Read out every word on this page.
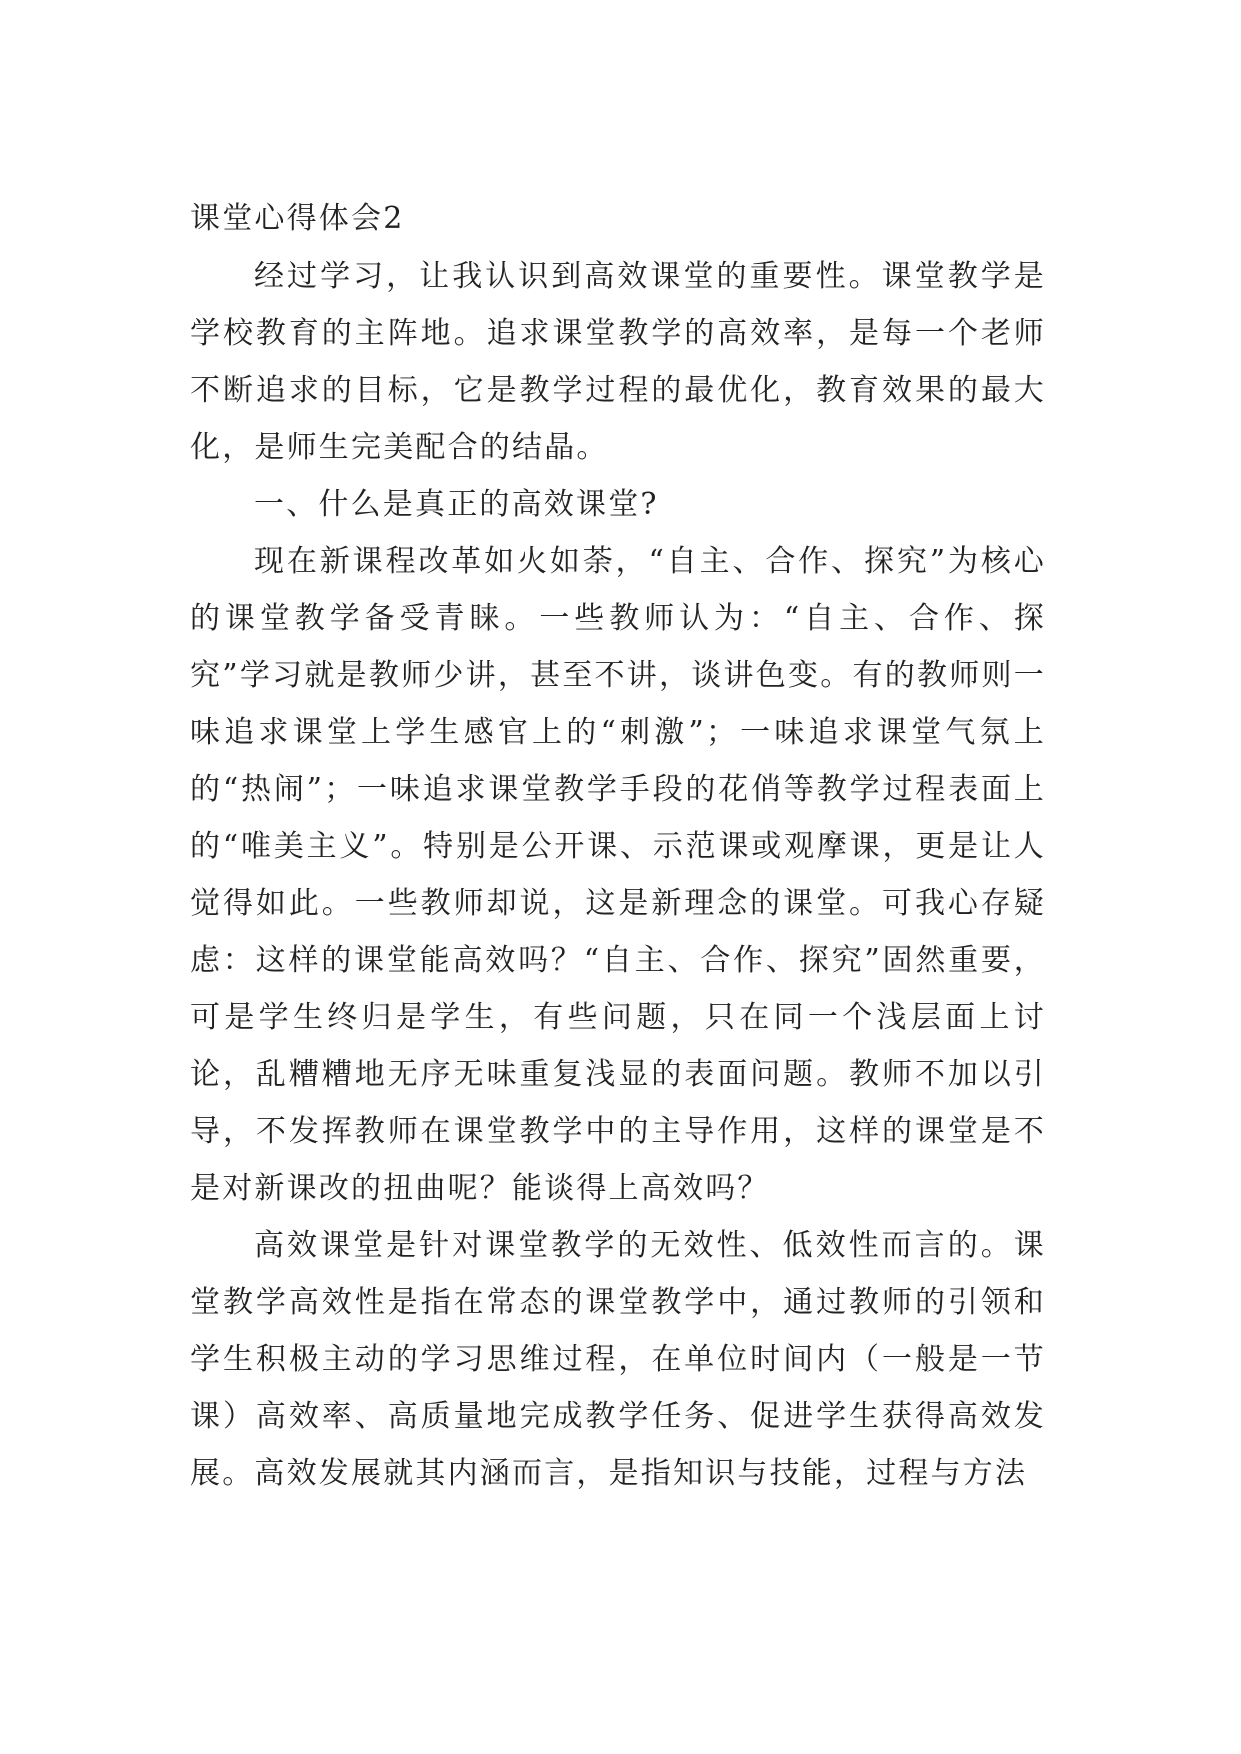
课堂心得体会2

经过学习，让我认识到高效课堂的重要性。课堂教学是学校教育的主阵地。追求课堂教学的高效率，是每一个老师不断追求的目标，它是教学过程的最优化，教育效果的最大化，是师生完美配合的结晶。

一、什么是真正的高效课堂?

现在新课程改革如火如荼，“自主、合作、探究”为核心的课堂教学备受青睐。一些教师认为：“自主、合作、探究”学习就是教师少讲，甚至不讲，谈讲色变。有的教师则一味追求课堂上学生感官上的“刺激”；一味追求课堂气氛上的“热闹”；一味追求课堂教学手段的花俏等教学过程表面上的“唯美主义”。特别是公开课、示范课或观摩课，更是让人觉得如此。一些教师却说，这是新理念的课堂。可我心存疑虑：这样的课堂能高效吗？“自主、合作、探究”固然重要，可是学生终归是学生，有些问题，只在同一个浅层面上讨论，乱糟糟地无序无味重复浅显的表面问题。教师不加以引导，不发挥教师在课堂教学中的主导作用，这样的课堂是不是对新课改的扭曲呢？能谈得上高效吗？

高效课堂是针对课堂教学的无效性、低效性而言的。课堂教学高效性是指在常态的课堂教学中，通过教师的引领和学生积极主动的学习思维过程，在单位时间内（一般是一节课）高效率、高质量地完成教学任务、促进学生获得高效发展。高效发展就其内涵而言，是指知识与技能，过程与方法
